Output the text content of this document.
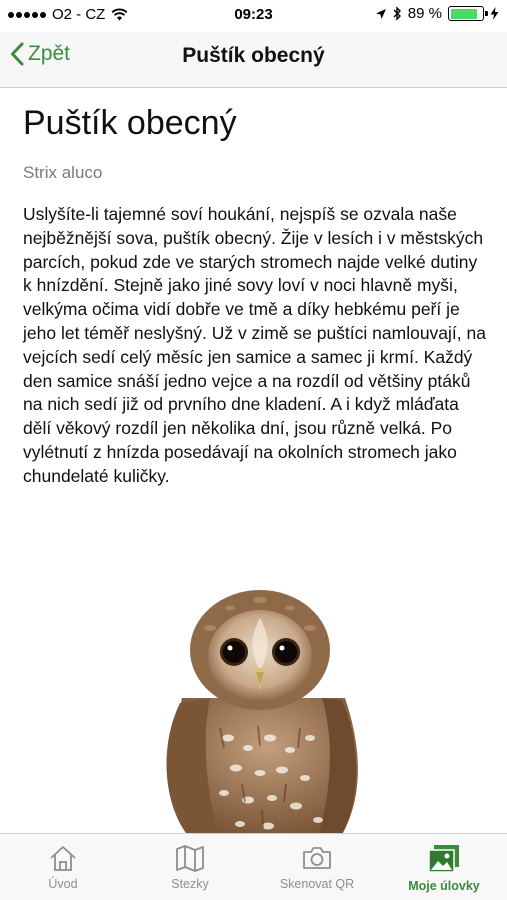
O2 - CZ	09:23	89 %
Zpět	Puštík obecný
Puštík obecný
Strix aluco
Uslyšíte-li tajemné soví houkání, nejspíš se ozvala naše nejběžnější sova, puštík obecný. Žije v lesích i v městských parcích, pokud zde ve starých stromech najde velké dutiny k hnízdění. Stejně jako jiné sovy loví v noci hlavně myši, velkýma očima vidí dobře ve tmě a díky hebkému peří je jeho let téměř neslyšný. Už v zimě se puštíci namlouvají, na vejcích sedí celý měsíc jen samice a samec ji krmí. Každý den samice snáší jedno vejce a na rozdíl od většiny ptáků na nich sedí již od prvního dne kladení. A i když mláďata dělí věkový rozdíl jen několika dní, jsou různě velká. Po vylétnutí z hnízda posedávají na okolních stromech jako chundelaté kuličky.
Úvod	Stezky	Skenovat QR	Moje úlovky
